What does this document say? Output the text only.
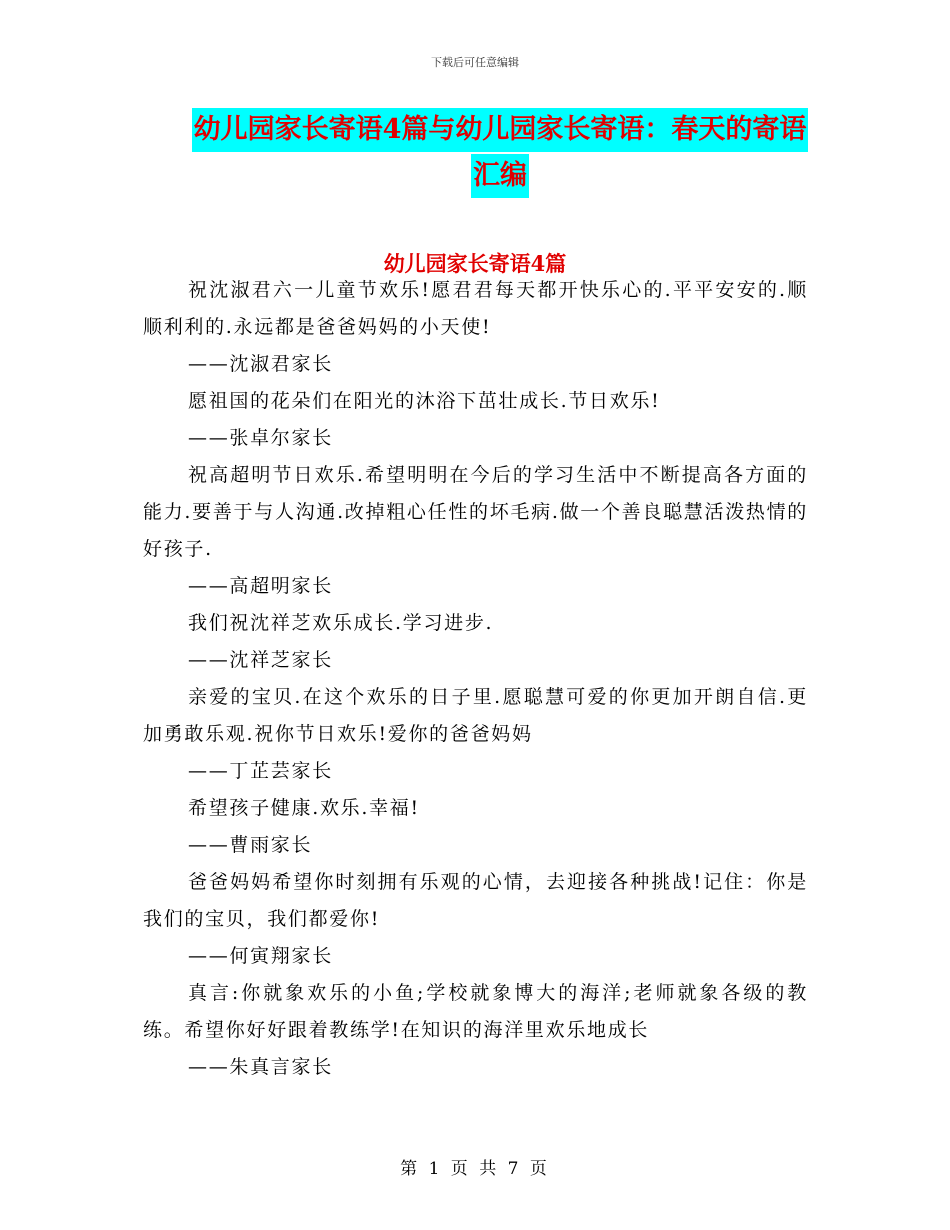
下载后可任意编辑
幼儿园家长寄语4篇与幼儿园家长寄语：春天的寄语
汇编
幼儿园家长寄语4篇

祝沈淑君六一儿童节欢乐!愿君君每天都开快乐心的.平平安安的.顺顺利利的.永远都是爸爸妈妈的小天使!

——沈淑君家长

愿祖国的花朵们在阳光的沐浴下茁壮成长.节日欢乐!

——张卓尔家长

祝高超明节日欢乐.希望明明在今后的学习生活中不断提高各方面的能力.要善于与人沟通.改掉粗心任性的坏毛病.做一个善良聪慧活泼热情的好孩子.

——高超明家长

我们祝沈祥芝欢乐成长.学习进步.

——沈祥芝家长

亲爱的宝贝.在这个欢乐的日子里.愿聪慧可爱的你更加开朗自信.更加勇敢乐观.祝你节日欢乐!爱你的爸爸妈妈

——丁芷芸家长

希望孩子健康.欢乐.幸福!

——曹雨家长

爸爸妈妈希望你时刻拥有乐观的心情，去迎接各种挑战!记住：你是我们的宝贝，我们都爱你!

——何寅翔家长

真言:你就象欢乐的小鱼;学校就象博大的海洋;老师就象各级的教练。希望你好好跟着教练学!在知识的海洋里欢乐地成长

——朱真言家长

第 1 页 共 7 页
